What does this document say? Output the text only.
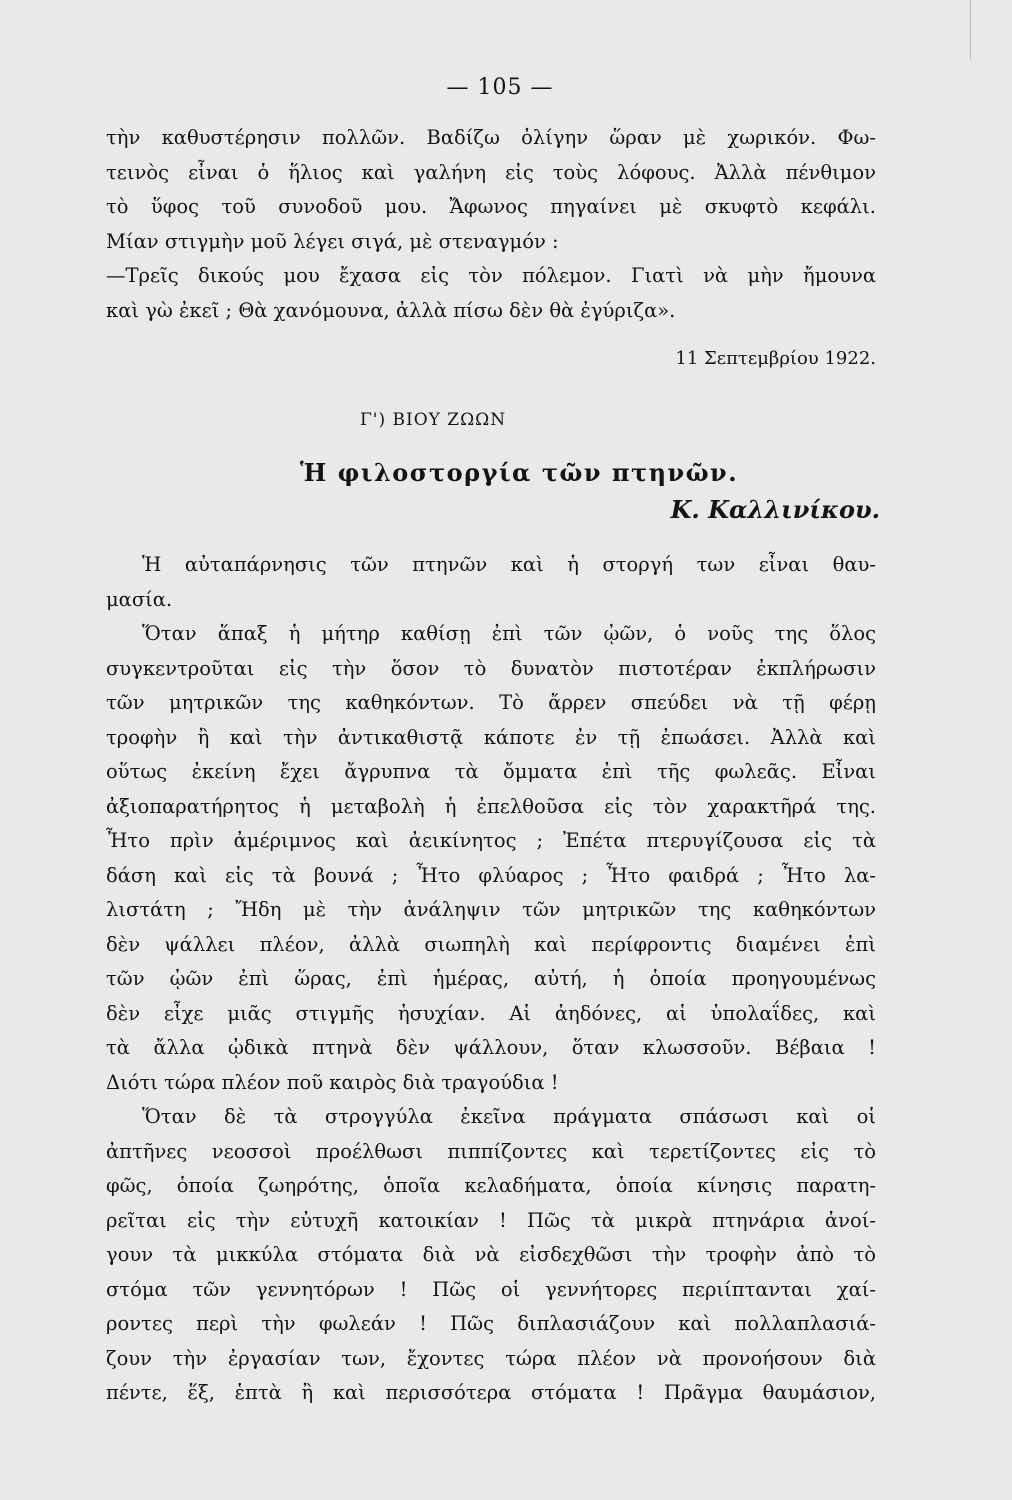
— 105 —
τὴν καθυστέρησιν πολλῶν. Βαδίζω ὀλίγην ὥραν μὲ χωρικόν. Φω-
τεινὸς εἶναι ὁ ἥλιος καὶ γαλήνη εἰς τοὺς λόφους. Ἀλλὰ πένθιμον
τὸ ὕφος τοῦ συνοδοῦ μου. Ἄφωνος πηγαίνει μὲ σκυφτὸ κεφάλι.
Μίαν στιγμὴν μοῦ λέγει σιγά, μὲ στεναγμόν :
—Τρεῖς δικούς μου ἔχασα εἰς τὸν πόλεμον. Γιατὶ νὰ μὴν ἤμουνα
καὶ γὼ ἐκεῖ ; Θὰ χανόμουνα, ἀλλὰ πίσω δὲν θὰ ἐγύριζα».
11 Σεπτεμβρίου 1922.
Γ') ΒΙΟΥ ΖΩΩΝ
Ἡ φιλοστοργία τῶν πτηνῶν.
Κ. Καλλινίκου.
Ἡ αὐταπάρνησις τῶν πτηνῶν καὶ ἡ στοργή των εἶναι θαυ-
μασία.
Ὅταν ἅπαξ ἡ μήτηρ καθίσῃ ἐπὶ τῶν ᾠῶν, ὁ νοῦς της ὅλος
συγκεντροῦται εἰς τὴν ὅσον τὸ δυνατὸν πιστοτέραν ἐκπλήρωσιν
τῶν μητρικῶν της καθηκόντων. Τὸ ἄρρεν σπεύδει νὰ τῇ φέρῃ
τροφὴν ἢ καὶ τὴν ἀντικαθιστᾷ κάποτε ἐν τῇ ἐπωάσει. Ἀλλὰ καὶ
οὕτως ἐκείνη ἔχει ἄγρυπνα τὰ ὄμματα ἐπὶ τῆς φωλεᾶς. Εἶναι
ἀξιοπαρατήρητος ἡ μεταβολὴ ἡ ἐπελθοῦσα εἰς τὸν χαρακτῆρά της.
Ἦτο πρὶν ἀμέριμνος καὶ ἀεικίνητος ; Ἐπέτα πτερυγίζουσα εἰς τὰ
δάση καὶ εἰς τὰ βουνά ; Ἦτο φλύαρος ; Ἦτο φαιδρά ; Ἦτο λα-
λιστάτη ; Ἤδη μὲ τὴν ἀνάληψιν τῶν μητρικῶν της καθηκόντων
δὲν ψάλλει πλέον, ἀλλὰ σιωπηλὴ καὶ περίφροντις διαμένει ἐπὶ
τῶν ᾠῶν ἐπὶ ὥρας, ἐπὶ ἡμέρας, αὐτή, ἡ ὁποία προηγουμένως
δὲν εἶχε μιᾶς στιγμῆς ἡσυχίαν. Αἱ ἀηδόνες, αἱ ὑπολαΐδες, καὶ
τὰ ἄλλα ᾠδικὰ πτηνὰ δὲν ψάλλουν, ὅταν κλωσσοῦν. Βέβαια !
Διότι τώρα πλέον ποῦ καιρὸς διὰ τραγούδια !
Ὅταν δὲ τὰ στρογγύλα ἐκεῖνα πράγματα σπάσωσι καὶ οἱ
ἀπτῆνες νεοσσοὶ προέλθωσι πιππίζοντες καὶ τερετίζοντες εἰς τὸ
φῶς, ὁποία ζωηρότης, ὁποῖα κελαδήματα, ὁποία κίνησις παρατη-
ρεῖται εἰς τὴν εὐτυχῆ κατοικίαν ! Πῶς τὰ μικρὰ πτηνάρια ἀνοί-
γουν τὰ μικκύλα στόματα διὰ νὰ εἰσδεχθῶσι τὴν τροφὴν ἀπὸ τὸ
στόμα τῶν γεννητόρων ! Πῶς οἱ γεννήτορες περιίπτανται χαί-
ροντες περὶ τὴν φωλεάν ! Πῶς διπλασιάζουν καὶ πολλαπλασιά-
ζουν τὴν ἐργασίαν των, ἔχοντες τώρα πλέον νὰ προνοήσουν διὰ
πέντε, ἕξ, ἑπτὰ ἢ καὶ περισσότερα στόματα ! Πρᾶγμα θαυμάσιον,
